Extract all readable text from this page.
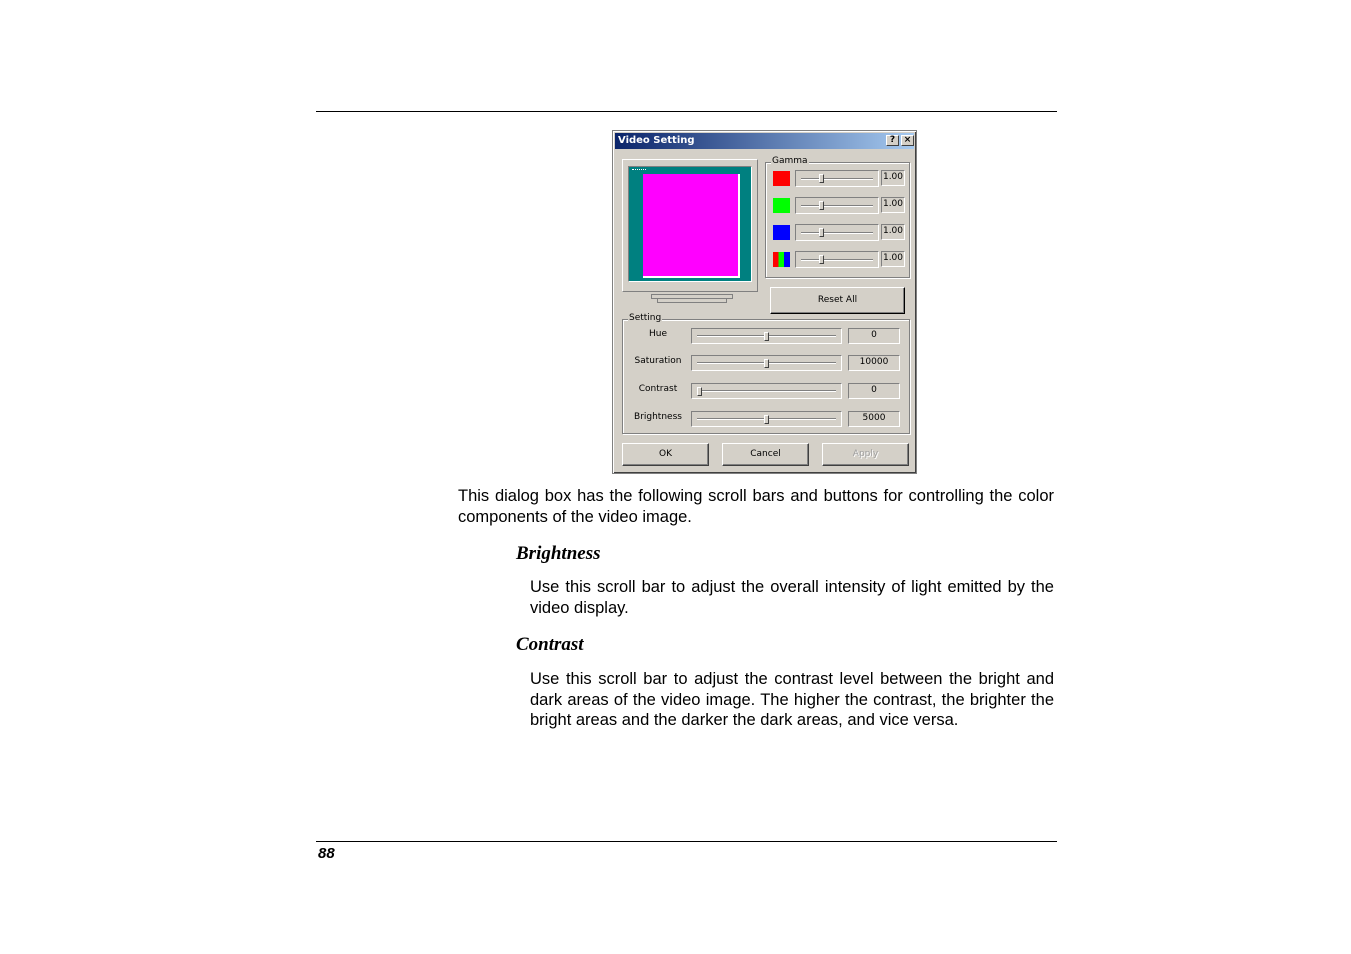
Video Setting	? ×
Gamma
1.00
1.00
1.00
1.00
Reset All
Setting
Hue	0
Saturation	10000
Contrast	0
Brightness	5000
OK	Cancel	Apply
This dialog box has the following scroll bars and buttons for controlling the color components of the video image.
Brightness
Use this scroll bar to adjust the overall intensity of light emitted by the video display.
Contrast
Use this scroll bar to adjust the contrast level between the bright and dark areas of the video image. The higher the contrast, the brighter the bright areas and the darker the dark areas, and vice versa.
88
